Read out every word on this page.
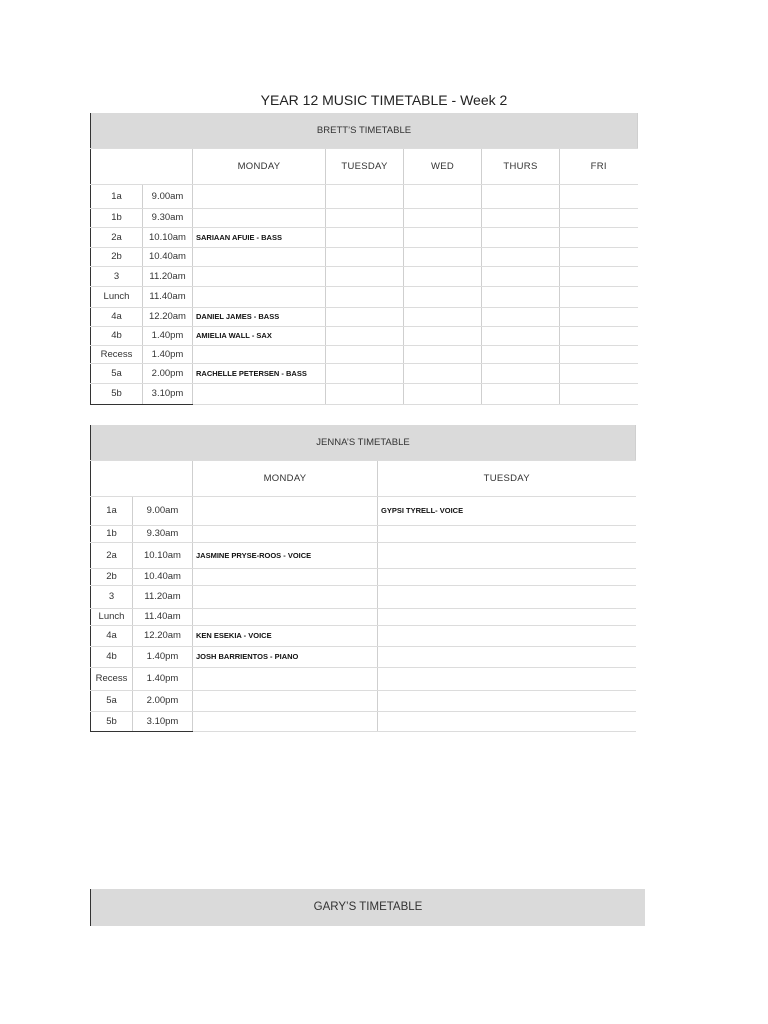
YEAR 12 MUSIC TIMETABLE - Week 2
BRETT’S TIMETABLE						
		MONDAY	TUESDAY	WED	THURS	FRI
1a	9.00am					
1b	9.30am					
2a	10.10am	SARIAAN AFUIE - BASS				
2b	10.40am					
3	11.20am					
Lunch	11.40am					
4a	12.20am	DANIEL JAMES - BASS				
4b	1.40pm	AMIELIA WALL - SAX				
Recess	1.40pm					
5a	2.00pm	RACHELLE PETERSEN - BASS				
5b	3.10pm					
JENNA’S TIMETABLE			
		MONDAY	TUESDAY
1a	9.00am		GYPSI TYRELL- VOICE
1b	9.30am		
2a	10.10am	JASMINE PRYSE-ROOS - VOICE	
2b	10.40am		
3	11.20am		
Lunch	11.40am		
4a	12.20am	KEN ESEKIA - VOICE	
4b	1.40pm	JOSH BARRIENTOS - PIANO	
Recess	1.40pm		
5a	2.00pm		
5b	3.10pm		
GARY’S TIMETABLE
